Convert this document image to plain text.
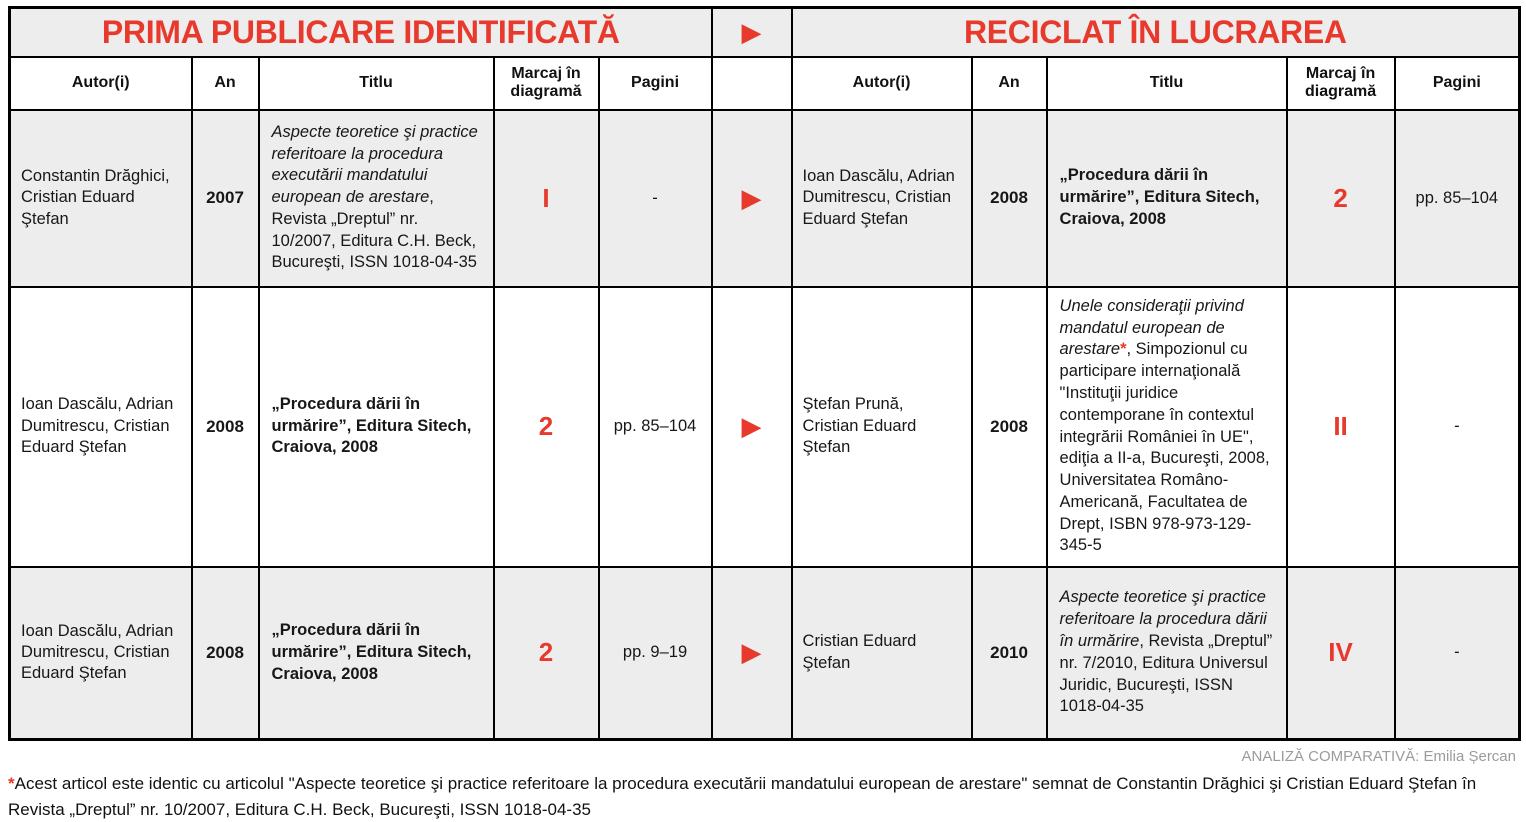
PRIMA PUBLICARE IDENTIFICATĂ					▶	RECICLAT ÎN LUCRAREA				
Autor(i)	An	Titlu	Marcaj în diagramă	Pagini		Autor(i)	An	Titlu	Marcaj în diagramă	Pagini
Constantin Drăghici, Cristian Eduard Ştefan	2007	Aspecte teoretice şi practice referitoare la procedura executării mandatului european de arestare, Revista „Dreptul” nr. 10/2007, Editura C.H. Beck, Bucureşti, ISSN 1018-04-35	I	-	▶	Ioan Dascălu, Adrian Dumitrescu, Cristian Eduard Ştefan	2008	„Procedura dării în urmărire”, Editura Sitech, Craiova, 2008	2	pp. 85–104
Ioan Dascălu, Adrian Dumitrescu, Cristian Eduard Ştefan	2008	„Procedura dării în urmărire”, Editura Sitech, Craiova, 2008	2	pp. 85–104	▶	Ştefan Prună, Cristian Eduard Ştefan	2008	Unele consideraţii privind mandatul european de arestare*, Simpozionul cu participare internaţională "Instituţii juridice contemporane în contextul integrării României în UE", ediţia a II-a, Bucureşti, 2008, Universitatea Româno-Americană, Facultatea de Drept, ISBN 978-973-129-345-5	II	-
Ioan Dascălu, Adrian Dumitrescu, Cristian Eduard Ştefan	2008	„Procedura dării în urmărire”, Editura Sitech, Craiova, 2008	2	pp. 9–19	▶	Cristian Eduard Ştefan	2010	Aspecte teoretice şi practice referitoare la procedura dării în urmărire, Revista „Dreptul” nr. 7/2010, Editura Universul Juridic, Bucureşti, ISSN 1018-04-35	IV	-
ANALIZĂ COMPARATIVĂ: Emilia Șercan
*Acest articol este identic cu articolul "Aspecte teoretice şi practice referitoare la procedura executării mandatului european de arestare" semnat de Constantin Drăghici şi Cristian Eduard Ştefan în Revista „Dreptul” nr. 10/2007, Editura C.H. Beck, Bucureşti, ISSN 1018-04-35
